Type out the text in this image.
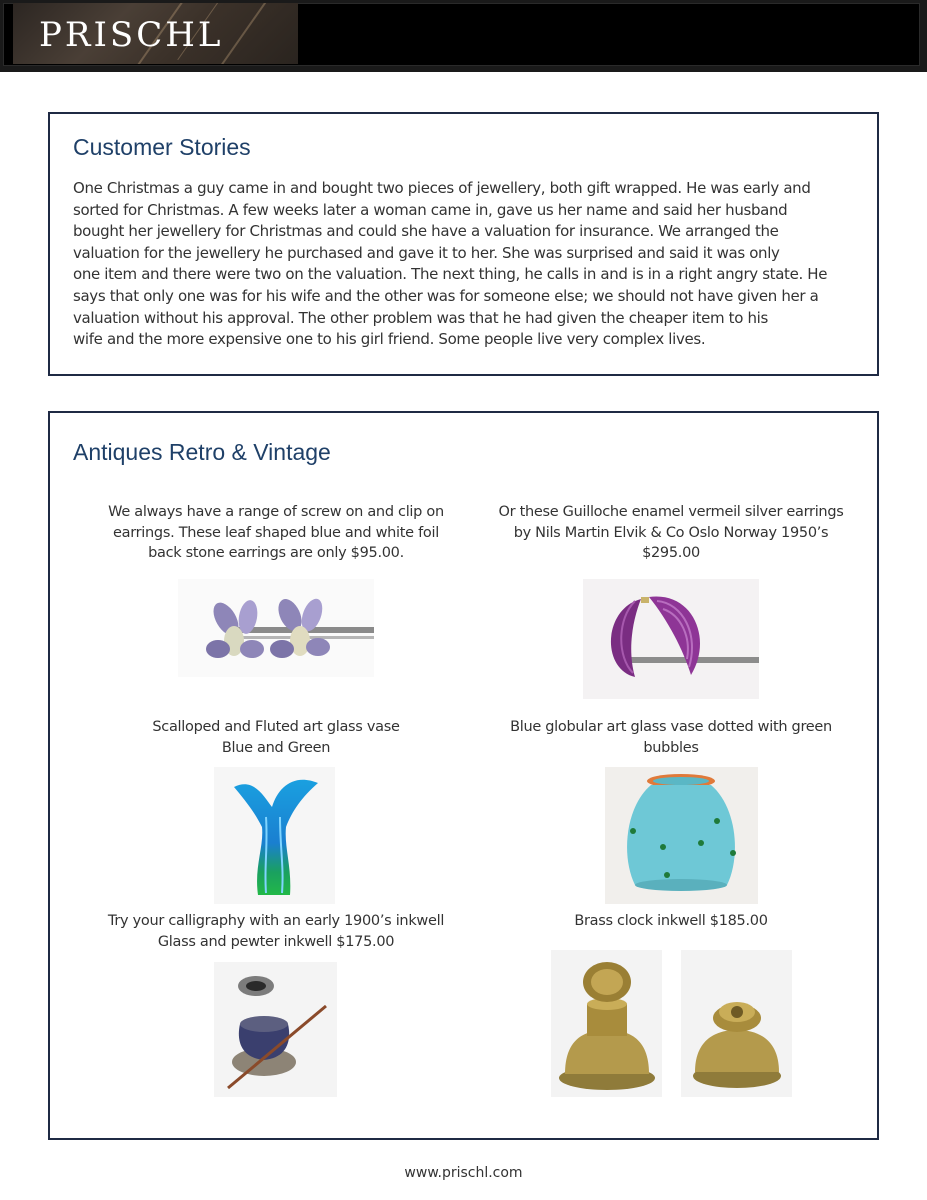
PRISCHL
Customer Stories
One Christmas a guy came in and bought two pieces of jewellery, both gift wrapped. He was early and
sorted for Christmas. A few weeks later a woman came in, gave us her name and said her husband
bought her jewellery for Christmas and could she have a valuation for insurance. We arranged the
valuation for the jewellery he purchased and gave it to her. She was surprised and said it was only
one item and there were two on the valuation. The next thing, he calls in and is in a right angry state. He
says that only one was for his wife and the other was for someone else; we should not have given her a
valuation without his approval. The other problem was that he had given the cheaper item to his
wife and the more expensive one to his girl friend. Some people live very complex lives.
Antiques Retro & Vintage
We always have a range of screw on and clip on
earrings. These leaf shaped blue and white foil
back stone earrings are only $95.00.
Or these Guilloche enamel vermeil silver earrings
by Nils Martin Elvik & Co Oslo Norway 1950’s
$295.00
Scalloped and Fluted art glass vase
Blue and Green
Blue globular art glass vase dotted with green
bubbles
Try your calligraphy with an early 1900’s inkwell
Glass and pewter inkwell $175.00
Brass clock inkwell $185.00
www.prischl.com
